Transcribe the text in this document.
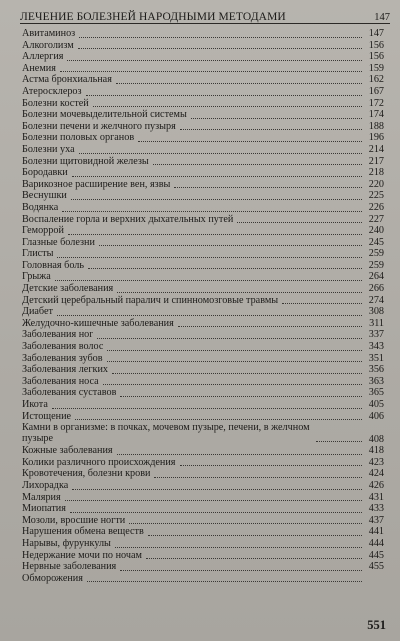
ЛЕЧЕНИЕ БОЛЕЗНЕЙ НАРОДНЫМИ МЕТОДАМИ	147
Авитаминоз	147
Алкоголизм	156
Аллергия	156
Анемия	159
Астма бронхиальная	162
Атеросклероз	167
Болезни костей	172
Болезни мочевыделительной системы	174
Болезни печени и желчного пузыря	188
Болезни половых органов	196
Болезни уха	214
Болезни щитовидной железы	217
Бородавки	218
Варикозное расширение вен, язвы	220
Веснушки	225
Водянка	226
Воспаление горла и верхних дыхательных путей	227
Геморрой	240
Глазные болезни	245
Глисты	259
Головная боль	259
Грыжа	264
Детские заболевания	266
Детский церебральный паралич и спинномозговые травмы	274
Диабет	308
Желудочно-кишечные заболевания	311
Заболевания ног	337
Заболевания волос	343
Заболевания зубов	351
Заболевания легких	356
Заболевания носа	363
Заболевания суставов	365
Икота	405
Истощение	406
Камни в организме: в почках, мочевом пузыре, печени, в желчном пузыре	408
Кожные заболевания	418
Колики различного происхождения	423
Кровотечения, болезни крови	424
Лихорадка	426
Малярия	431
Миопатия	433
Мозоли, вросшие ногти	437
Нарушения обмена веществ	441
Нарывы, фурункулы	444
Недержание мочи по ночам	445
Нервные заболевания	455
Обморожения
551
